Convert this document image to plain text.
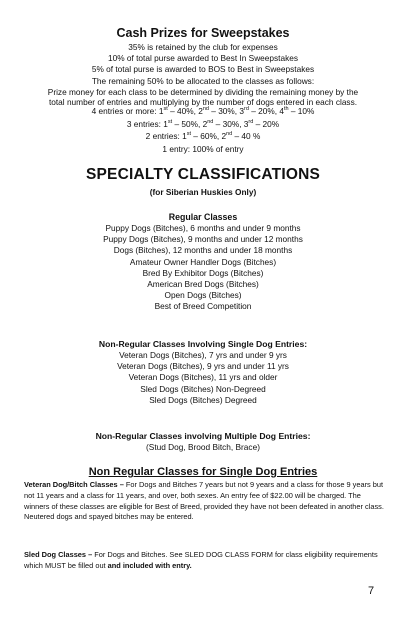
Cash Prizes for Sweepstakes
35% is retained by the club for expenses
10% of total purse awarded to Best In Sweepstakes
5% of total purse is awarded to BOS to Best in Sweepstakes
The remaining 50% to be allocated to the classes as follows:
Prize money for each class to be determined by dividing the remaining money by the
total number of entries and multiplying by the number of dogs entered in each class.
4 entries or more: 1st – 40%, 2nd – 30%, 3rd – 20%, 4th – 10%
3 entries: 1st – 50%, 2nd – 30%, 3rd – 20%
2 entries: 1st – 60%, 2nd – 40 %
1 entry: 100% of entry
SPECIALTY CLASSIFICATIONS
(for Siberian Huskies Only)
Regular Classes
Puppy Dogs (Bitches), 6 months and under 9 months
Puppy Dogs (Bitches), 9 months and under 12 months
Dogs (Bitches), 12 months and under 18 months
Amateur Owner Handler Dogs (Bitches)
Bred By Exhibitor Dogs (Bitches)
American Bred Dogs (Bitches)
Open Dogs (Bitches)
Best of Breed Competition
Non-Regular Classes Involving Single Dog Entries:
Veteran Dogs (Bitches), 7 yrs and under 9 yrs
Veteran Dogs (Bitches), 9 yrs and under 11 yrs
Veteran Dogs (Bitches), 11 yrs and older
Sled Dogs (Bitches) Non-Degreed
Sled Dogs (Bitches) Degreed
Non-Regular Classes involving Multiple Dog Entries:
(Stud Dog, Brood Bitch, Brace)
Non Regular Classes for Single Dog Entries
Veteran Dog/Bitch Classes – For Dogs and Bitches 7 years but not 9 years and a class for those 9 years but not 11 years and a class for 11 years, and over, both sexes. An entry fee of $22.00 will be charged. The winners of these classes are eligible for Best of Breed, provided they have not been defeated in another class. Neutered dogs and spayed bitches may be entered.
Sled Dog Classes – For Dogs and Bitches. See SLED DOG CLASS FORM for class eligibility requirements which MUST be filled out and included with entry.
7
